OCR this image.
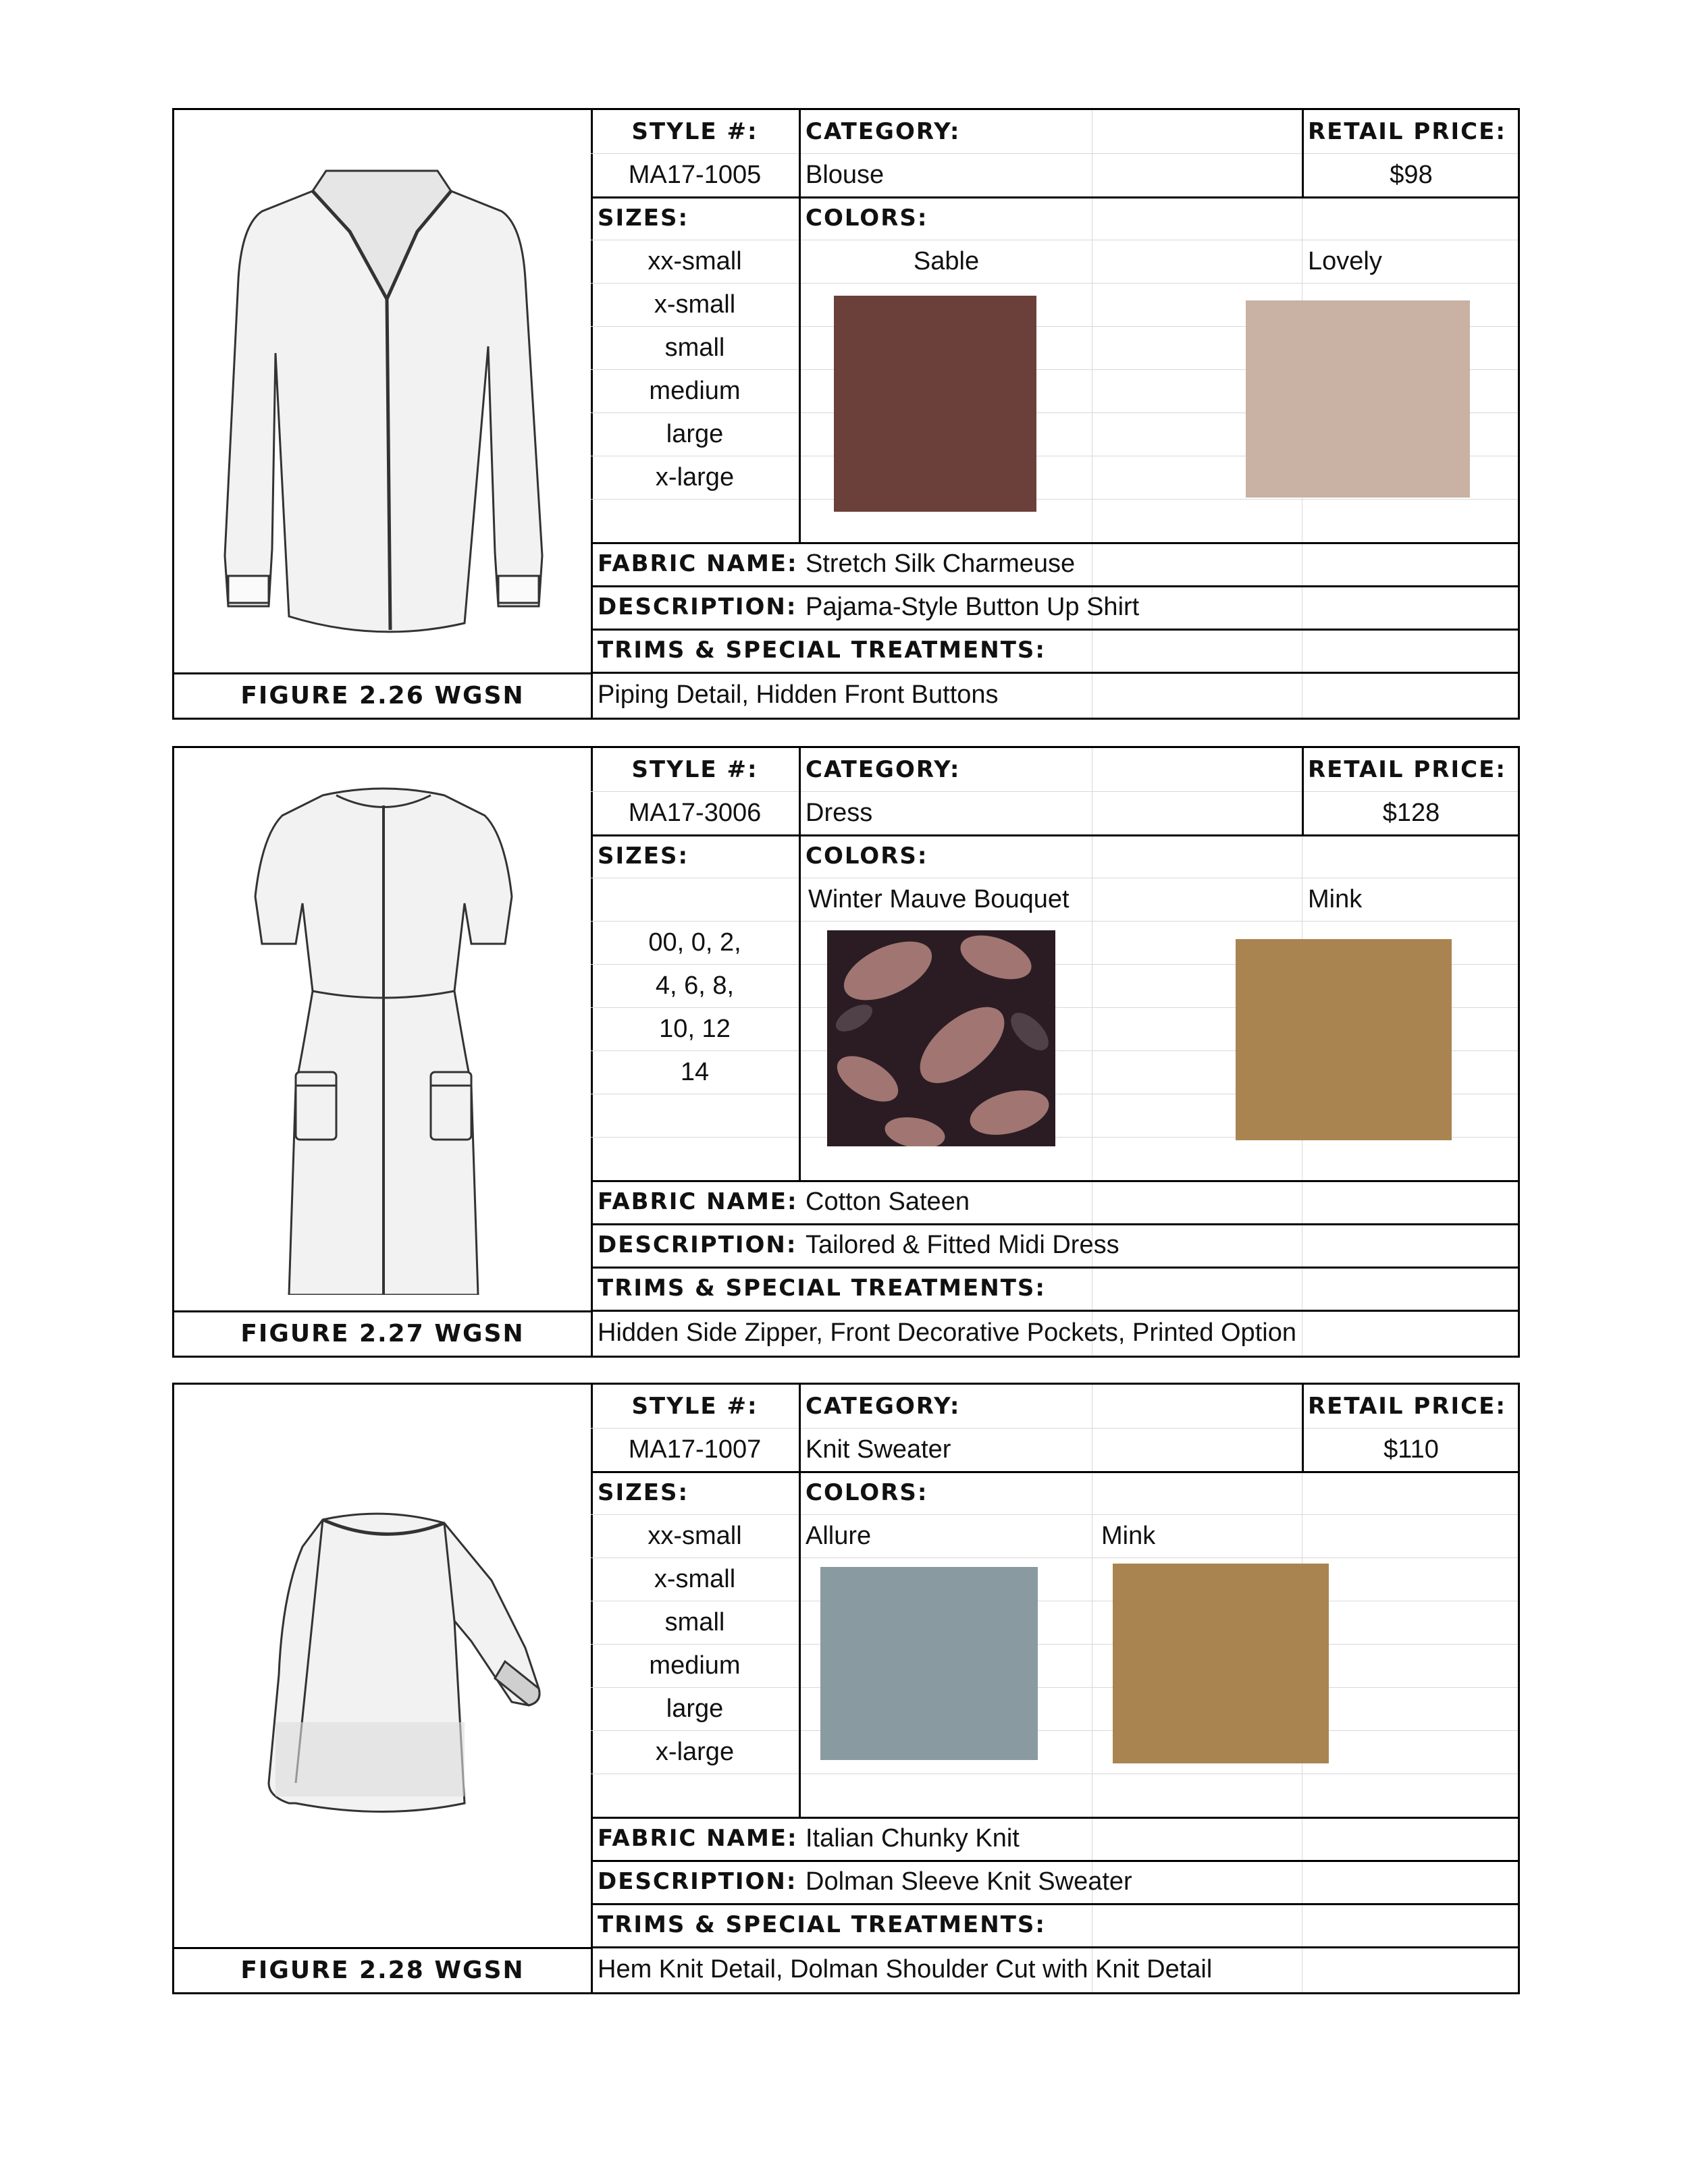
FIGURE 2.26 WGSN
STYLE #:	CATEGORY:	RETAIL PRICE:
MA17-1005	Blouse	$98
SIZES:	COLORS:
xx-small
x-small
small
medium
large
x-large
Sable	Lovely
FABRIC NAME: Stretch Silk Charmeuse
DESCRIPTION: Pajama-Style Button Up Shirt
TRIMS & SPECIAL TREATMENTS:
Piping Detail, Hidden Front Buttons
FIGURE 2.27 WGSN
STYLE #:	CATEGORY:	RETAIL PRICE:
MA17-3006	Dress	$128
SIZES:	COLORS:
00, 0, 2,
4, 6, 8,
10, 12
14
Winter Mauve Bouquet	Mink
FABRIC NAME: Cotton Sateen
DESCRIPTION: Tailored & Fitted Midi Dress
TRIMS & SPECIAL TREATMENTS:
Hidden Side Zipper, Front Decorative Pockets, Printed Option
FIGURE 2.28 WGSN
STYLE #:	CATEGORY:	RETAIL PRICE:
MA17-1007	Knit Sweater	$110
SIZES:	COLORS:
xx-small
x-small
small
medium
large
x-large
Allure	Mink
FABRIC NAME: Italian Chunky Knit
DESCRIPTION: Dolman Sleeve Knit Sweater
TRIMS & SPECIAL TREATMENTS:
Hem Knit Detail, Dolman Shoulder Cut with Knit Detail
